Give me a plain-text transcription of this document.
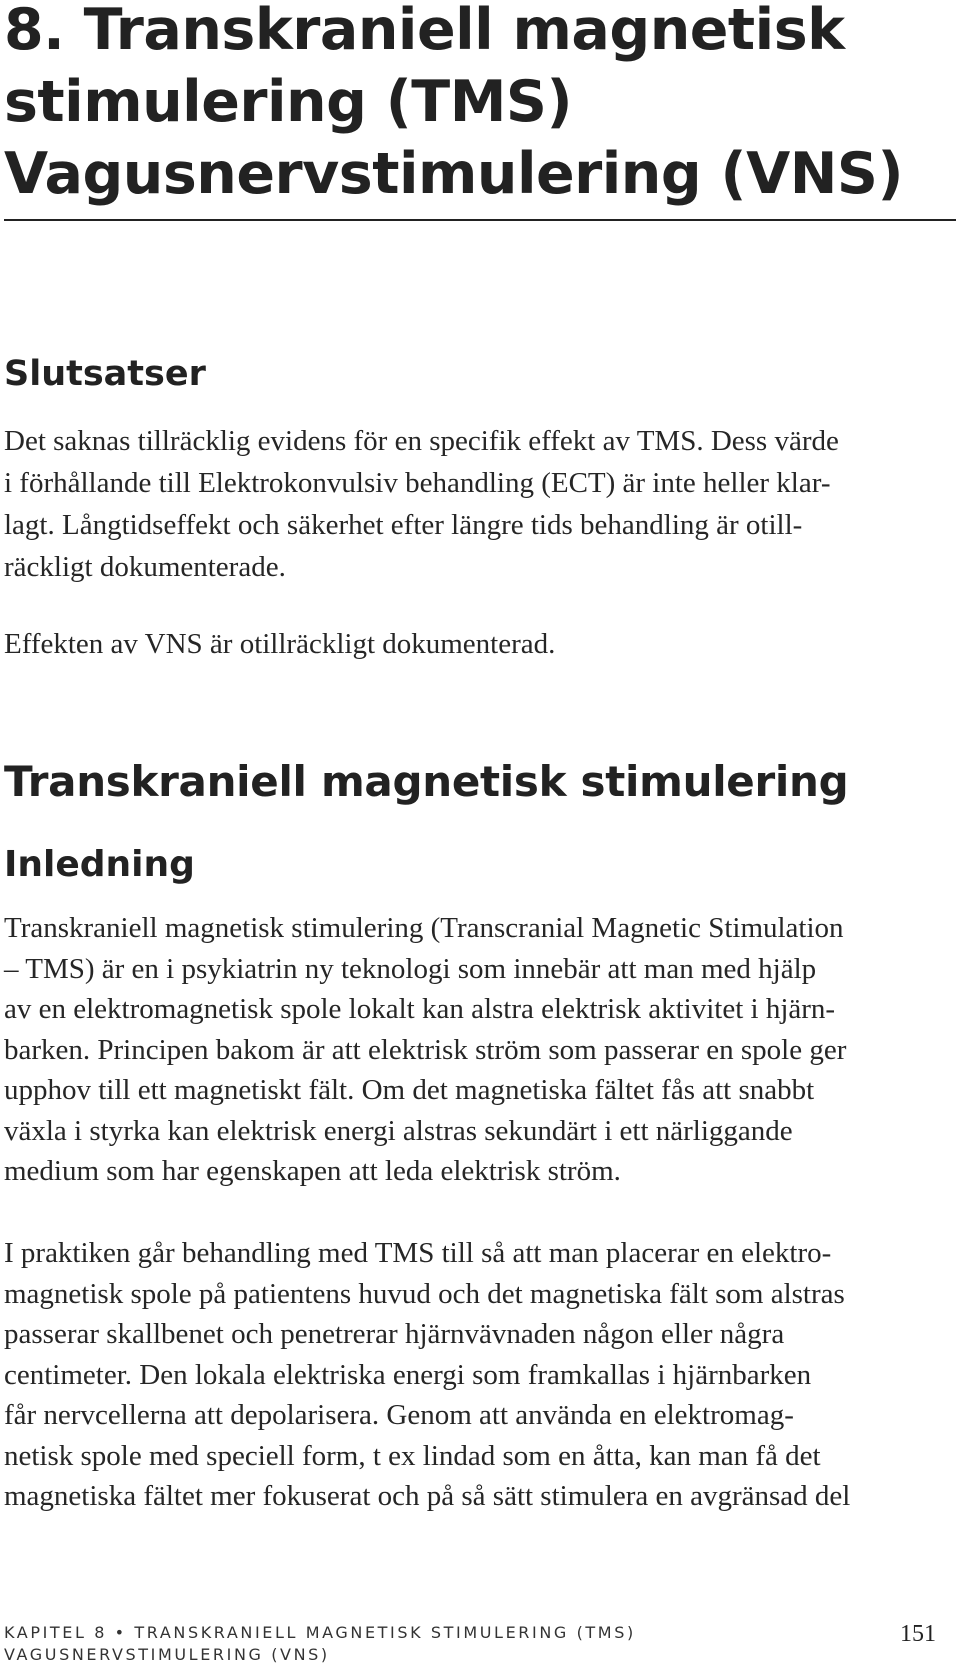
8. Transkraniell magnetisk
stimulering (TMS)
Vagusnervstimulering (VNS)
Slutsatser

Det saknas tillräcklig evidens för en specifik effekt av TMS. Dess värde
i förhållande till Elektrokonvulsiv behandling (ECT) är inte heller klar-
lagt. Långtidseffekt och säkerhet efter längre tids behandling är otill-
räckligt dokumenterade.

Effekten av VNS är otillräckligt dokumenterad.

Transkraniell magnetisk stimulering
Inledning

Transkraniell magnetisk stimulering (Transcranial Magnetic Stimulation
– TMS) är en i psykiatrin ny teknologi som innebär att man med hjälp
av en elektromagnetisk spole lokalt kan alstra elektrisk aktivitet i hjärn-
barken. Principen bakom är att elektrisk ström som passerar en spole ger
upphov till ett magnetiskt fält. Om det magnetiska fältet fås att snabbt
växla i styrka kan elektrisk energi alstras sekundärt i ett närliggande
medium som har egenskapen att leda elektrisk ström.

I praktiken går behandling med TMS till så att man placerar en elektro-
magnetisk spole på patientens huvud och det magnetiska fält som alstras
passerar skallbenet och penetrerar hjärnvävnaden någon eller några
centimeter. Den lokala elektriska energi som framkallas i hjärnbarken
får nervcellerna att depolarisera. Genom att använda en elektromag-
netisk spole med speciell form, t ex lindad som en åtta, kan man få det
magnetiska fältet mer fokuserat och på så sätt stimulera en avgränsad del

KAPITEL 8 • TRANSKRANIELL MAGNETISK STIMULERING (TMS)
VAGUSNERVSTIMULERING (VNS)
151
